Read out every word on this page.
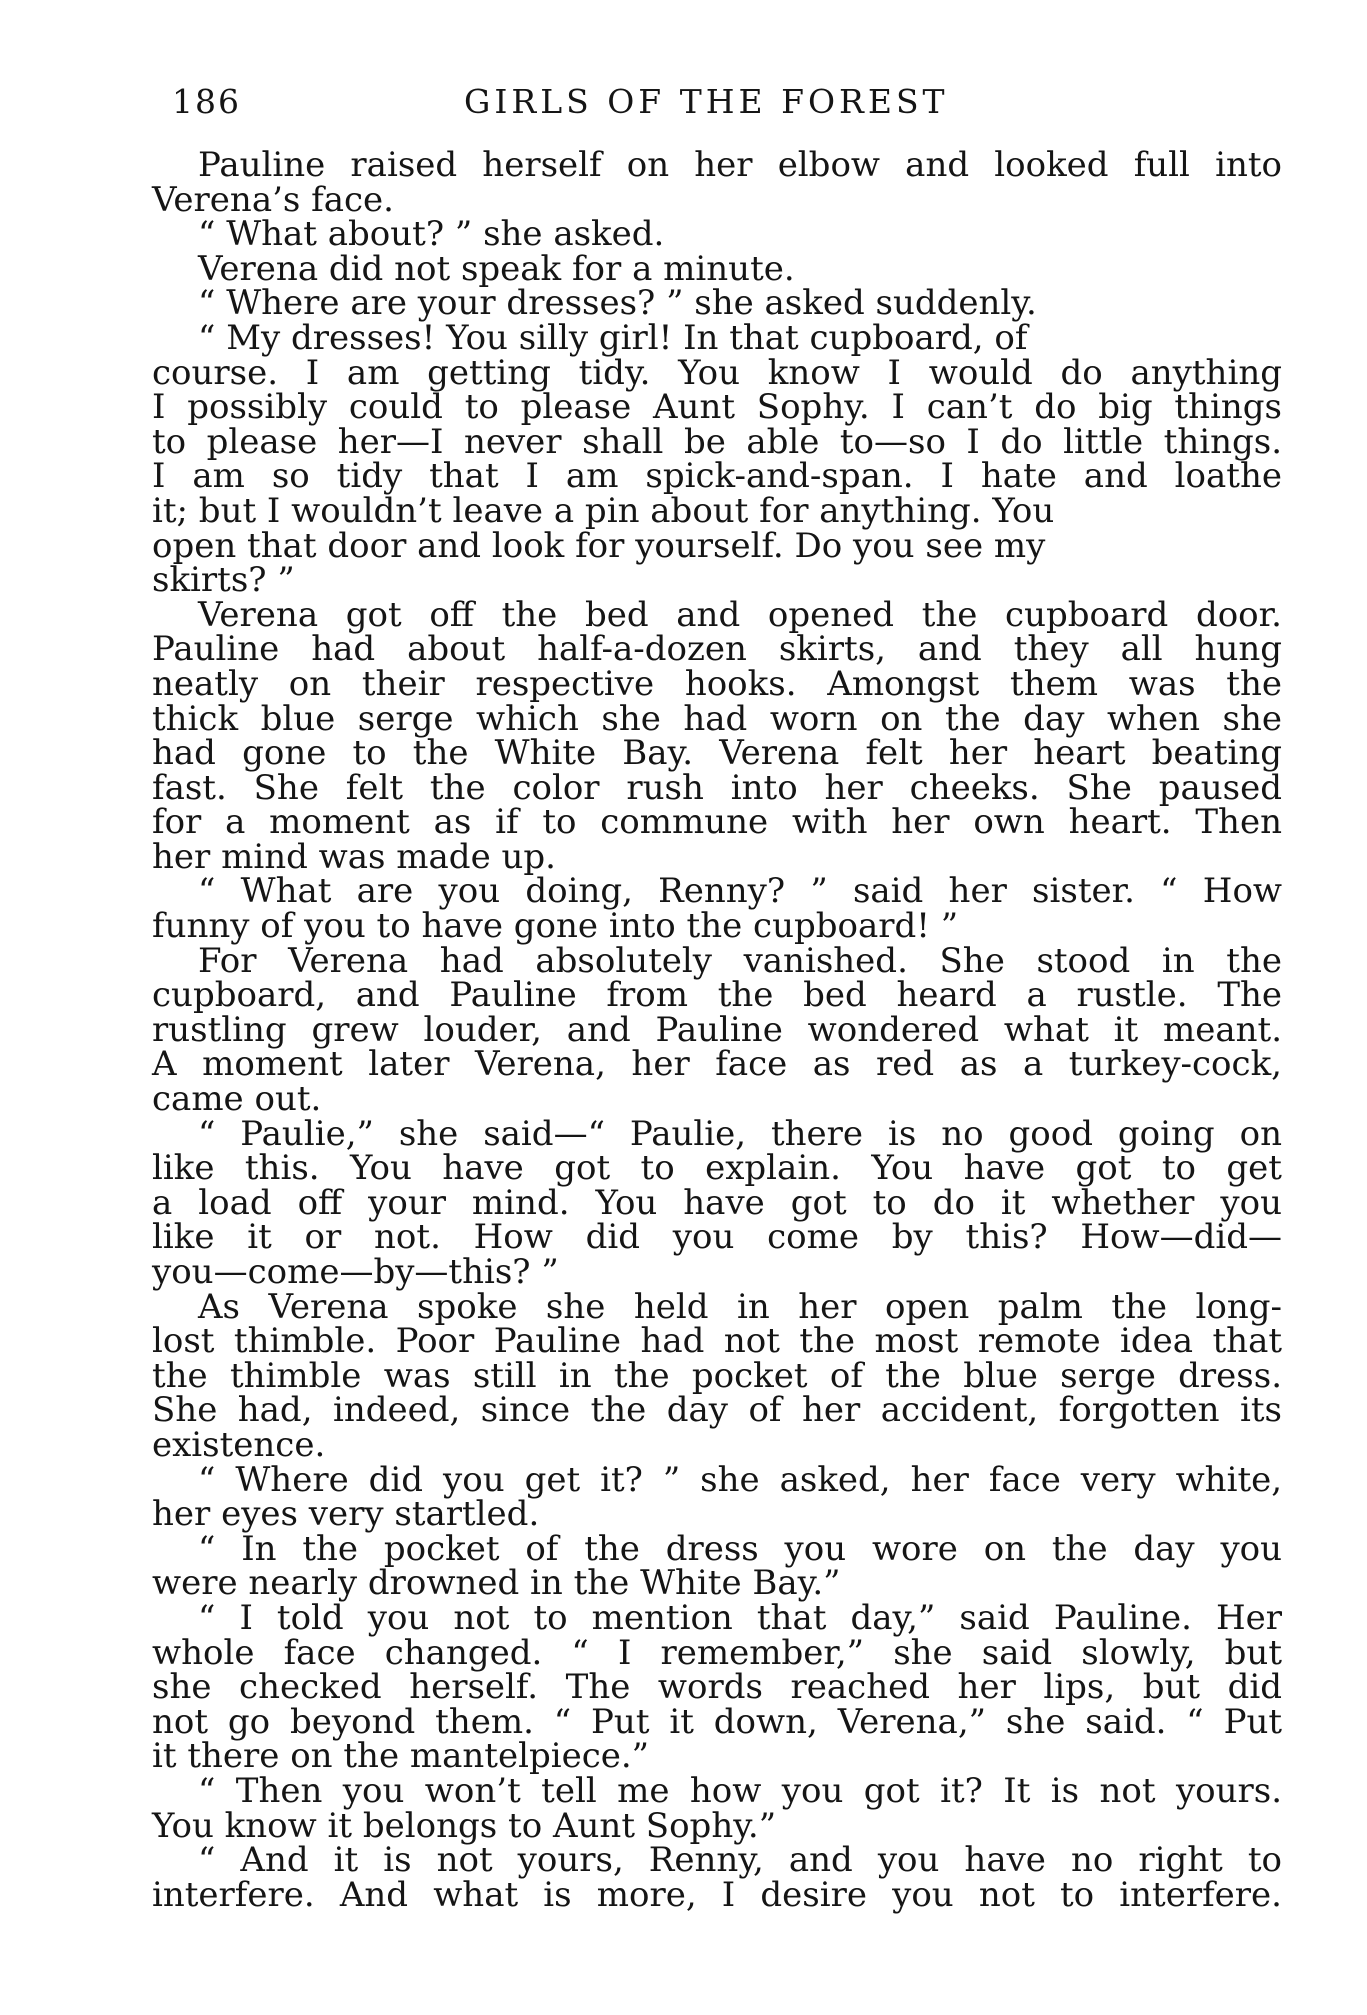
186	GIRLS OF THE FOREST
Pauline raised herself on her elbow and looked full into
Verena’s face.
“ What about? ” she asked.
Verena did not speak for a minute.
“ Where are your dresses? ” she asked suddenly.
“ My dresses! You silly girl! In that cupboard, of
course. I am getting tidy. You know I would do anything
I possibly could to please Aunt Sophy. I can’t do big things
to please her—I never shall be able to—so I do little things.
I am so tidy that I am spick-and-span. I hate and loathe
it; but I wouldn’t leave a pin about for anything. You
open that door and look for yourself. Do you see my
skirts? ”
Verena got off the bed and opened the cupboard door.
Pauline had about half-a-dozen skirts, and they all hung
neatly on their respective hooks. Amongst them was the
thick blue serge which she had worn on the day when she
had gone to the White Bay. Verena felt her heart beating
fast. She felt the color rush into her cheeks. She paused
for a moment as if to commune with her own heart. Then
her mind was made up.
“ What are you doing, Renny? ” said her sister. “ How
funny of you to have gone into the cupboard! ”
For Verena had absolutely vanished. She stood in the
cupboard, and Pauline from the bed heard a rustle. The
rustling grew louder, and Pauline wondered what it meant.
A moment later Verena, her face as red as a turkey-cock,
came out.
“ Paulie,” she said—“ Paulie, there is no good going on
like this. You have got to explain. You have got to get
a load off your mind. You have got to do it whether you
like it or not. How did you come by this? How—did—
you—come—by—this? ”
As Verena spoke she held in her open palm the long-
lost thimble. Poor Pauline had not the most remote idea that
the thimble was still in the pocket of the blue serge dress.
She had, indeed, since the day of her accident, forgotten its
existence.
“ Where did you get it? ” she asked, her face very white,
her eyes very startled.
“ In the pocket of the dress you wore on the day you
were nearly drowned in the White Bay.”
“ I told you not to mention that day,” said Pauline. Her
whole face changed. “ I remember,” she said slowly, but
she checked herself. The words reached her lips, but did
not go beyond them. “ Put it down, Verena,” she said. “ Put
it there on the mantelpiece.”
“ Then you won’t tell me how you got it? It is not yours.
You know it belongs to Aunt Sophy.”
“ And it is not yours, Renny, and you have no right to
interfere. And what is more, I desire you not to interfere.
